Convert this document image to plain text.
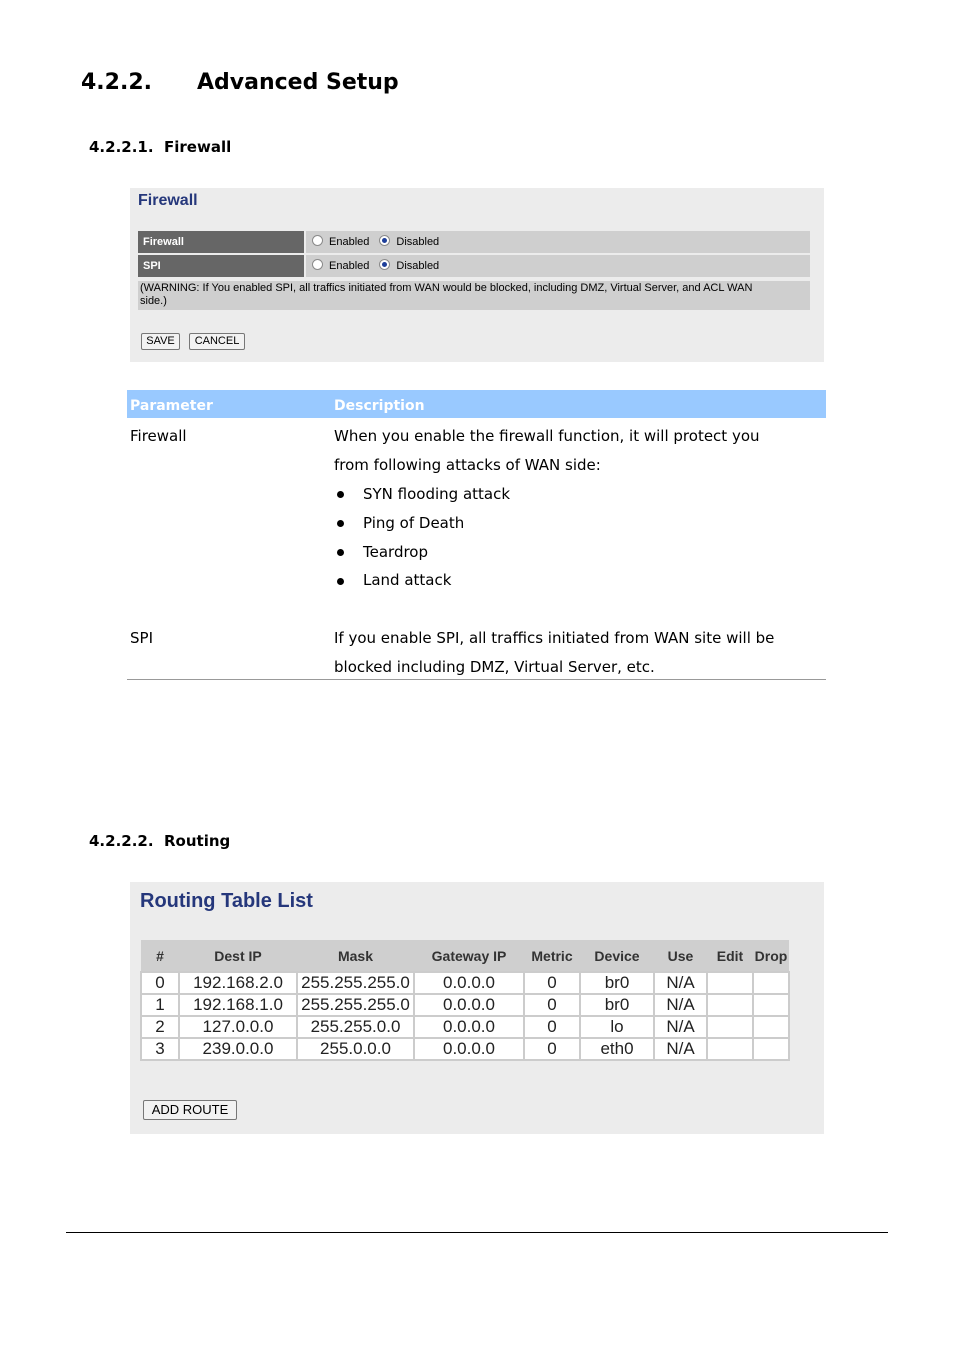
4.2.2. Advanced Setup
4.2.2.1. Firewall
Firewall
Firewall	Enabled Disabled
SPI	Enabled Disabled
(WARNING: If You enabled SPI, all traffics initiated from WAN would be blocked, including DMZ, Virtual Server, and ACL WAN
side.)
SAVE	CANCEL
Parameter	Description
Firewall	When you enable the firewall function, it will protect you
from following attacks of WAN side:
SYN flooding attack
Ping of Death
Teardrop
Land attack
SPI	If you enable SPI, all traffics initiated from WAN site will be
blocked including DMZ, Virtual Server, etc.
4.2.2.2. Routing
Routing Table List
#	Dest IP	Mask	Gateway IP	Metric	Device	Use	Edit	Drop
0	192.168.2.0	255.255.255.0	0.0.0.0	0	br0	N/A		
1	192.168.1.0	255.255.255.0	0.0.0.0	0	br0	N/A		
2	127.0.0.0	255.255.0.0	0.0.0.0	0	lo	N/A		
3	239.0.0.0	255.0.0.0	0.0.0.0	0	eth0	N/A		
ADD ROUTE
